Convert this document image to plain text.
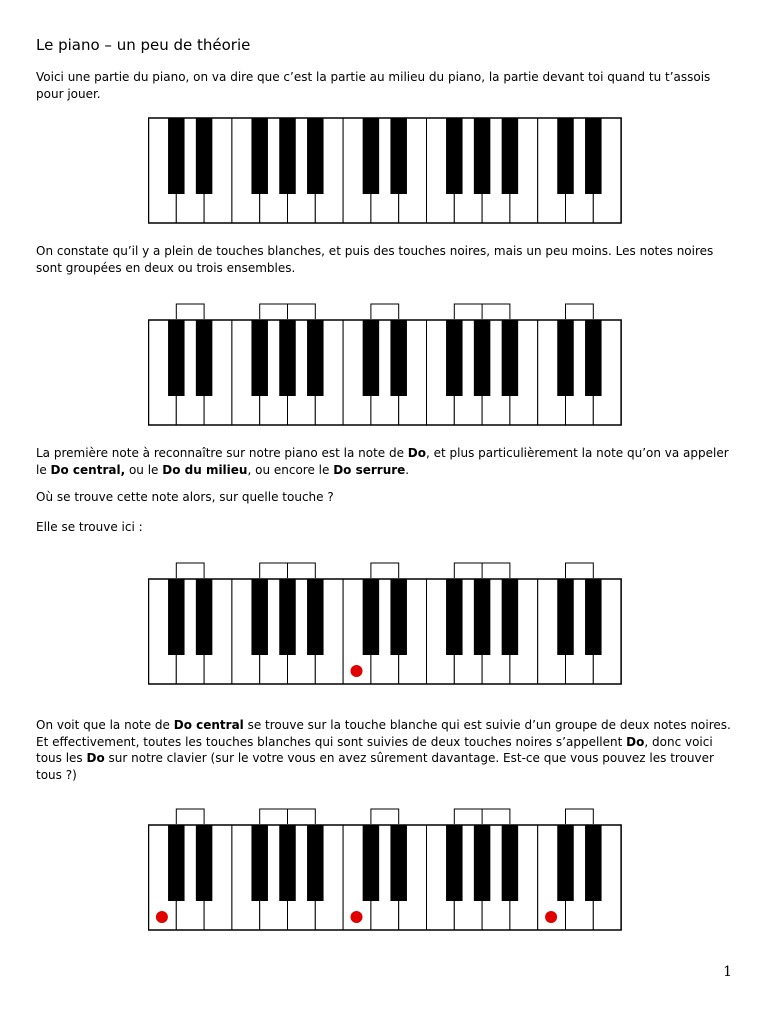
Le piano – un peu de théorie
Voici une partie du piano, on va dire que c’est la partie au milieu du piano, la partie devant toi quand tu t’assois pour jouer.
On constate qu’il y a plein de touches blanches, et puis des touches noires, mais un peu moins. Les notes noires sont groupées en deux ou trois ensembles.
La première note à reconnaître sur notre piano est la note de Do, et plus particulièrement la note qu’on va appeler le Do central, ou le Do du milieu, ou encore le Do serrure.
Où se trouve cette note alors, sur quelle touche ?
Elle se trouve ici :
On voit que la note de Do central se trouve sur la touche blanche qui est suivie d’un groupe de deux notes noires. Et effectivement, toutes les touches blanches qui sont suivies de deux touches noires s’appellent Do, donc voici tous les Do sur notre clavier (sur le votre vous en avez sûrement davantage. Est-ce que vous pouvez les trouver tous ?)
1
